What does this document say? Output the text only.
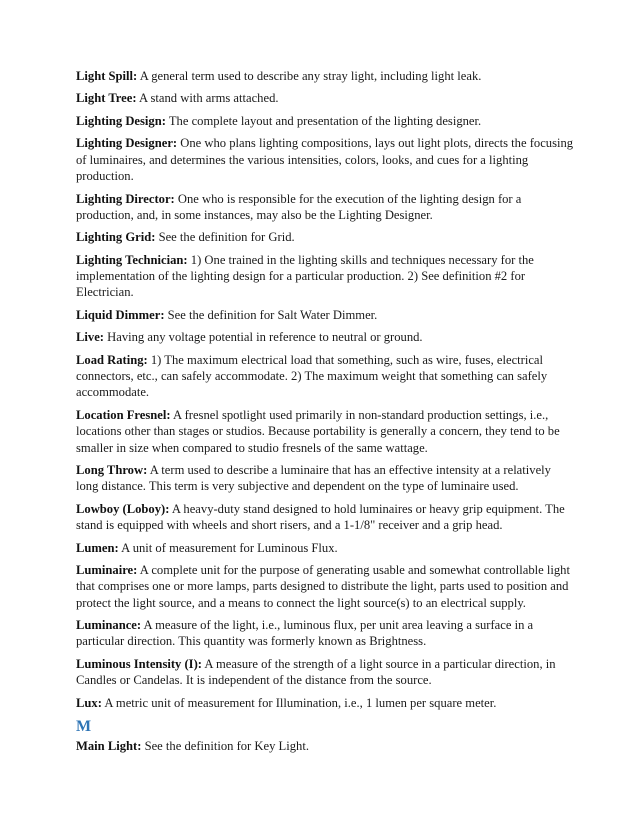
Light Spill: A general term used to describe any stray light, including light leak.

Light Tree: A stand with arms attached.

Lighting Design: The complete layout and presentation of the lighting designer.

Lighting Designer: One who plans lighting compositions, lays out light plots, directs the focusing of luminaires, and determines the various intensities, colors, looks, and cues for a lighting production.

Lighting Director: One who is responsible for the execution of the lighting design for a production, and, in some instances, may also be the Lighting Designer.

Lighting Grid: See the definition for Grid.

Lighting Technician: 1) One trained in the lighting skills and techniques necessary for the implementation of the lighting design for a particular production. 2) See definition #2 for Electrician.

Liquid Dimmer: See the definition for Salt Water Dimmer.

Live: Having any voltage potential in reference to neutral or ground.

Load Rating: 1) The maximum electrical load that something, such as wire, fuses, electrical connectors, etc., can safely accommodate. 2) The maximum weight that something can safely accommodate.

Location Fresnel: A fresnel spotlight used primarily in non-standard production settings, i.e., locations other than stages or studios. Because portability is generally a concern, they tend to be smaller in size when compared to studio fresnels of the same wattage.

Long Throw: A term used to describe a luminaire that has an effective intensity at a relatively long distance. This term is very subjective and dependent on the type of luminaire used.

Lowboy (Loboy): A heavy-duty stand designed to hold luminaires or heavy grip equipment. The stand is equipped with wheels and short risers, and a 1-1/8" receiver and a grip head.

Lumen: A unit of measurement for Luminous Flux.

Luminaire: A complete unit for the purpose of generating usable and somewhat controllable light that comprises one or more lamps, parts designed to distribute the light, parts used to position and protect the light source, and a means to connect the light source(s) to an electrical supply.

Luminance: A measure of the light, i.e., luminous flux, per unit area leaving a surface in a particular direction. This quantity was formerly known as Brightness.

Luminous Intensity (I): A measure of the strength of a light source in a particular direction, in Candles or Candelas. It is independent of the distance from the source.

Lux: A metric unit of measurement for Illumination, i.e., 1 lumen per square meter.

M

Main Light: See the definition for Key Light.
